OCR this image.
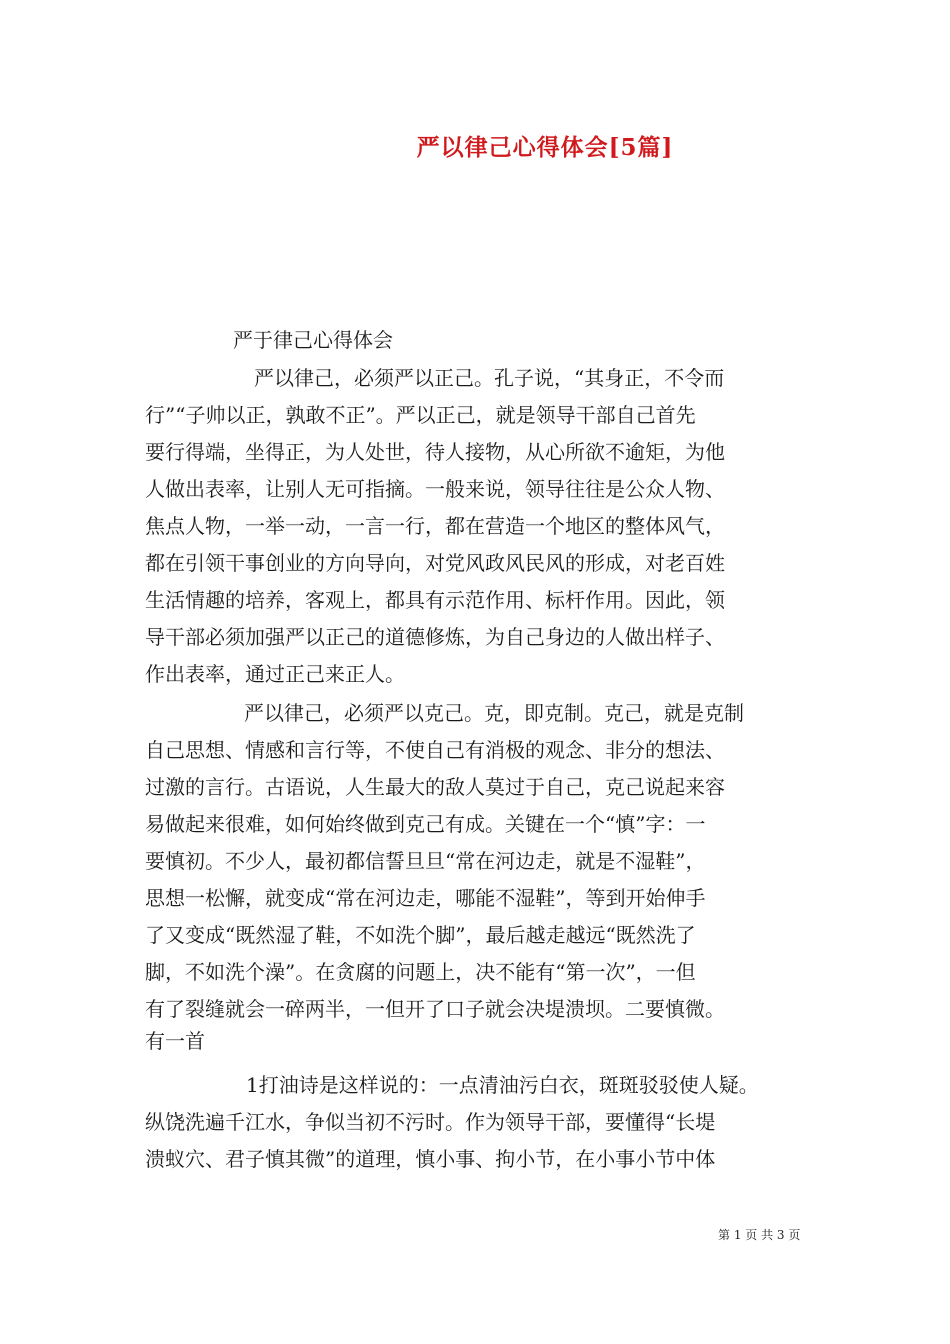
严以律己心得体会[5篇]
严于律己心得体会
严以律己，必须严以正己。孔子说，“其身正，不令而
行”“子帅以正，孰敢不正”。严以正己，就是领导干部自己首先
要行得端，坐得正，为人处世，待人接物，从心所欲不逾矩，为他
人做出表率，让别人无可指摘。一般来说，领导往往是公众人物、
焦点人物，一举一动，一言一行，都在营造一个地区的整体风气，
都在引领干事创业的方向导向，对党风政风民风的形成，对老百姓
生活情趣的培养，客观上，都具有示范作用、标杆作用。因此，领
导干部必须加强严以正己的道德修炼，为自己身边的人做出样子、
作出表率，通过正己来正人。
严以律己，必须严以克己。克，即克制。克己，就是克制
自己思想、情感和言行等，不使自己有消极的观念、非分的想法、
过激的言行。古语说，人生最大的敌人莫过于自己，克己说起来容
易做起来很难，如何始终做到克己有成。关键在一个“慎”字：一
要慎初。不少人，最初都信誓旦旦“常在河边走，就是不湿鞋”，
思想一松懈，就变成“常在河边走，哪能不湿鞋”，等到开始伸手
了又变成“既然湿了鞋，不如洗个脚”，最后越走越远“既然洗了
脚，不如洗个澡”。在贪腐的问题上，决不能有“第一次”，一但
有了裂缝就会一碎两半，一但开了口子就会决堤溃坝。二要慎微。
有一首
1打油诗是这样说的：一点清油污白衣，斑斑驳驳使人疑。
纵饶洗遍千江水，争似当初不污时。作为领导干部，要懂得“长堤
溃蚁穴、君子慎其微”的道理，慎小事、拘小节，在小事小节中体
第 1 页 共 3 页
